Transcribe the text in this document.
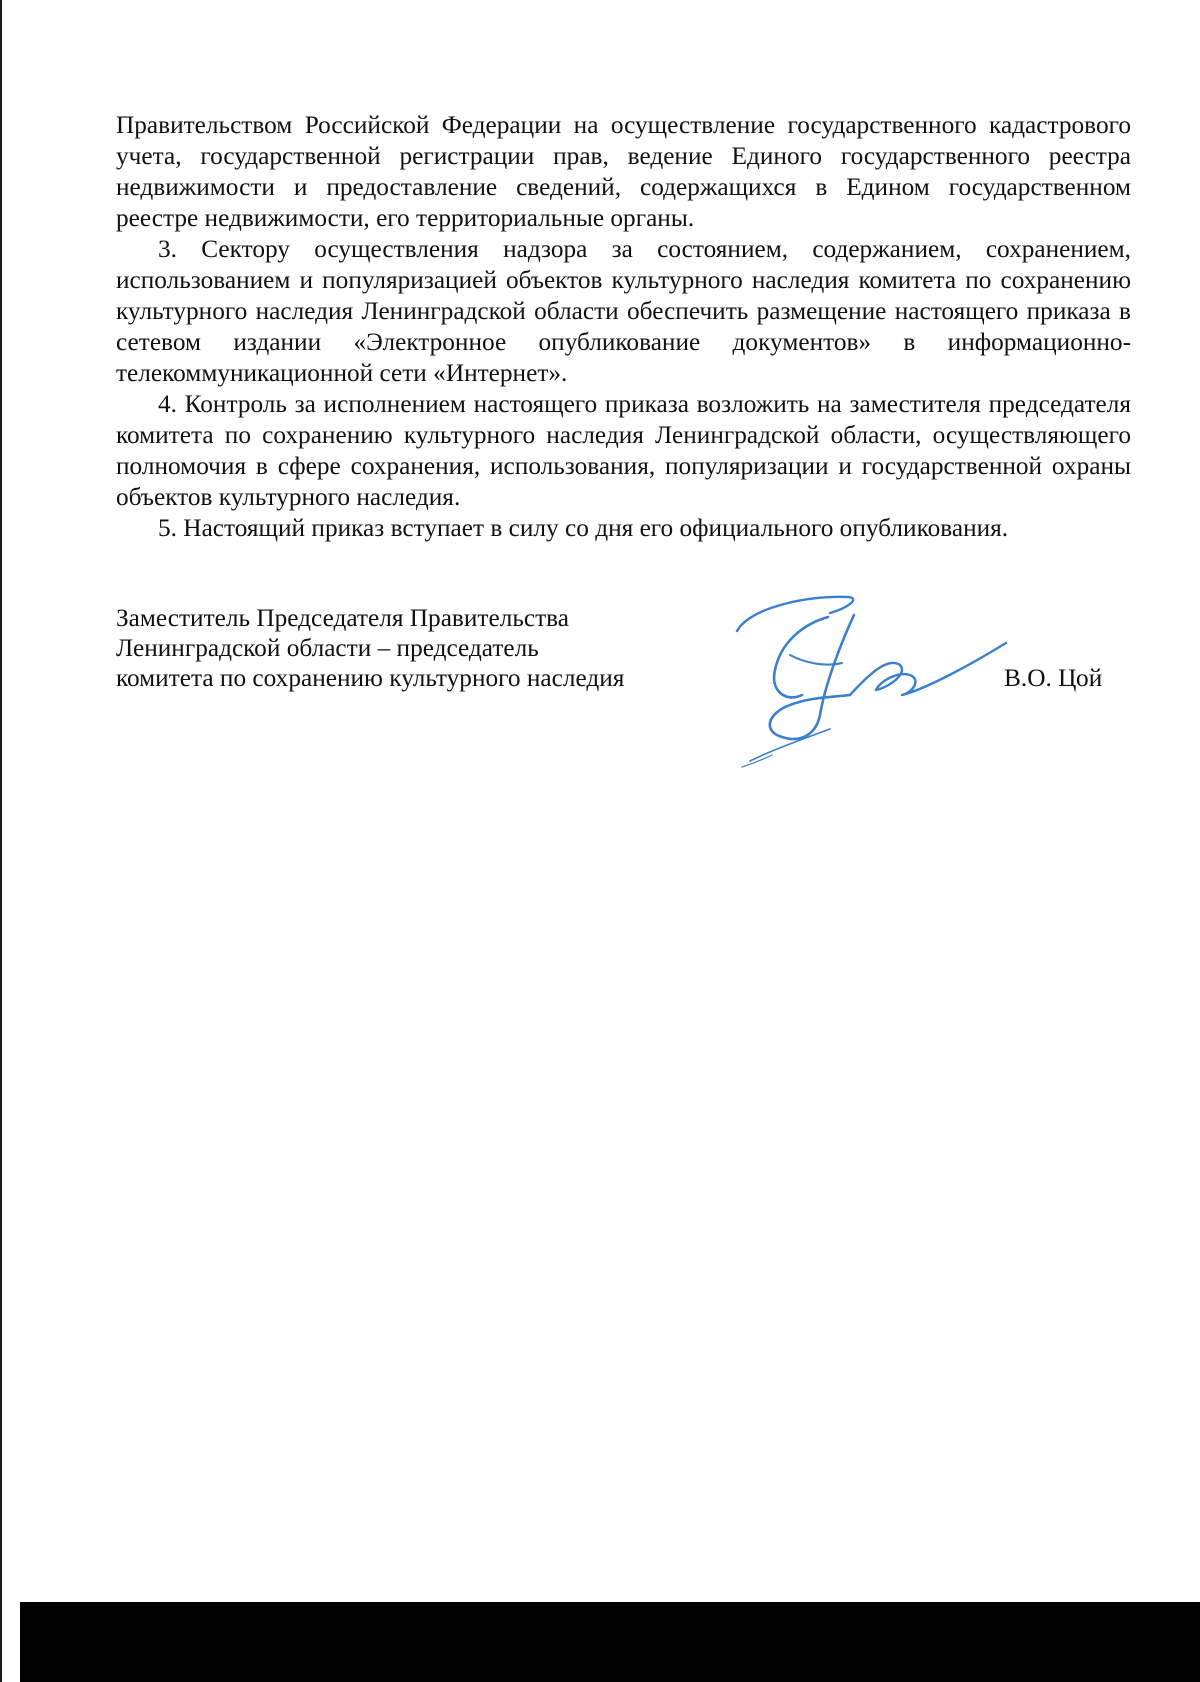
Правительством Российской Федерации на осуществление государственного кадастрового учета, государственной регистрации прав, ведение Единого государственного реестра недвижимости и предоставление сведений, содержащихся в Едином государственном реестре недвижимости, его территориальные органы.

3. Сектору осуществления надзора за состоянием, содержанием, сохранением, использованием и популяризацией объектов культурного наследия комитета по сохранению культурного наследия Ленинградской области обеспечить размещение настоящего приказа в сетевом издании «Электронное опубликование документов» в информационно-телекоммуникационной сети «Интернет».

4. Контроль за исполнением настоящего приказа возложить на заместителя председателя комитета по сохранению культурного наследия Ленинградской области, осуществляющего полномочия в сфере сохранения, использования, популяризации и государственной охраны объектов культурного наследия.

5. Настоящий приказ вступает в силу со дня его официального опубликования.

Заместитель Председателя Правительства
Ленинградской области – председатель
комитета по сохранению культурного наследия	В.О. Цой
